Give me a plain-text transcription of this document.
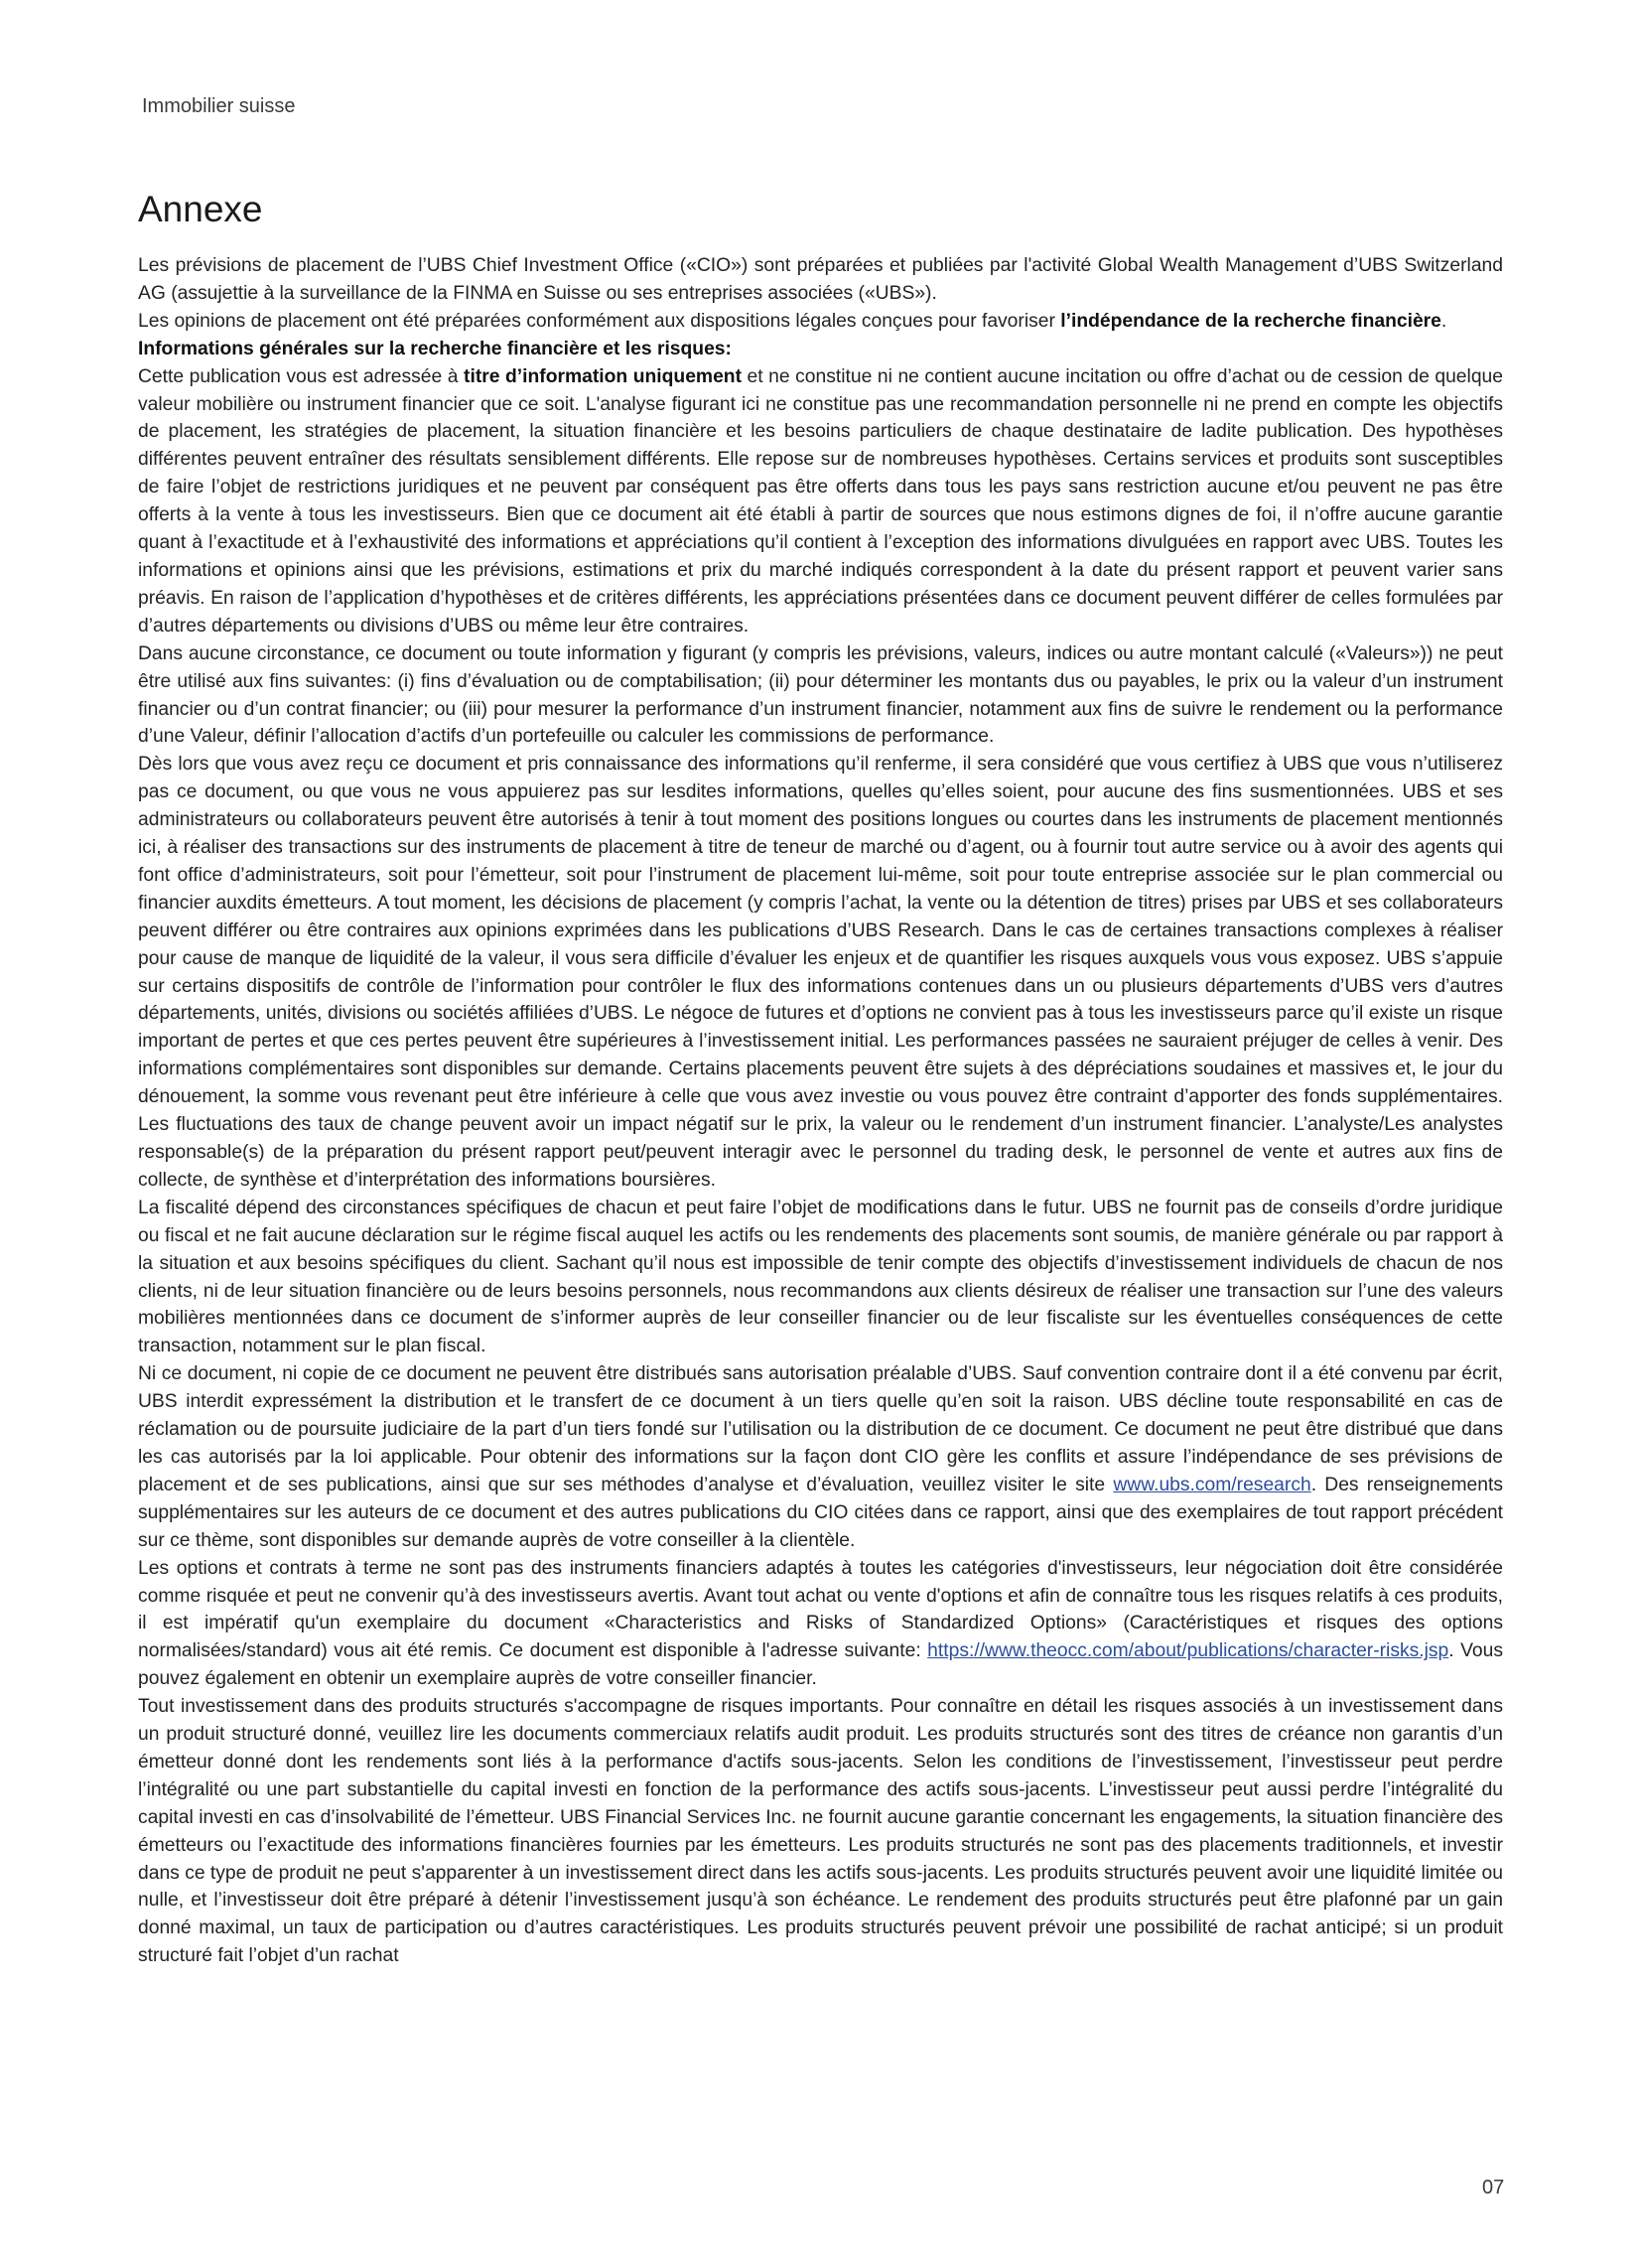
Immobilier suisse
Annexe

Les prévisions de placement de l’UBS Chief Investment Office («CIO») sont préparées et publiées par l'activité Global Wealth Management d’UBS Switzerland AG (assujettie à la surveillance de la FINMA en Suisse ou ses entreprises associées («UBS»).

Les opinions de placement ont été préparées conformément aux dispositions légales conçues pour favoriser l’indépendance de la recherche financière.

Informations générales sur la recherche financière et les risques:

Cette publication vous est adressée à titre d’information uniquement et ne constitue ni ne contient aucune incitation ou offre d’achat ou de cession de quelque valeur mobilière ou instrument financier que ce soit. L'analyse figurant ici ne constitue pas une recommandation personnelle ni ne prend en compte les objectifs de placement, les stratégies de placement, la situation financière et les besoins particuliers de chaque destinataire de ladite publication. Des hypothèses différentes peuvent entraîner des résultats sensiblement différents. Elle repose sur de nombreuses hypothèses. Certains services et produits sont susceptibles de faire l’objet de restrictions juridiques et ne peuvent par conséquent pas être offerts dans tous les pays sans restriction aucune et/ou peuvent ne pas être offerts à la vente à tous les investisseurs. Bien que ce document ait été établi à partir de sources que nous estimons dignes de foi, il n’offre aucune garantie quant à l’exactitude et à l’exhaustivité des informations et appréciations qu’il contient à l’exception des informations divulguées en rapport avec UBS. Toutes les informations et opinions ainsi que les prévisions, estimations et prix du marché indiqués correspondent à la date du présent rapport et peuvent varier sans préavis. En raison de l’application d’hypothèses et de critères différents, les appréciations présentées dans ce document peuvent différer de celles formulées par d’autres départements ou divisions d’UBS ou même leur être contraires.

Dans aucune circonstance, ce document ou toute information y figurant (y compris les prévisions, valeurs, indices ou autre montant calculé («Valeurs»)) ne peut être utilisé aux fins suivantes: (i) fins d’évaluation ou de comptabilisation; (ii) pour déterminer les montants dus ou payables, le prix ou la valeur d’un instrument financier ou d’un contrat financier; ou (iii) pour mesurer la performance d’un instrument financier, notamment aux fins de suivre le rendement ou la performance d’une Valeur, définir l’allocation d’actifs d’un portefeuille ou calculer les commissions de performance.

Dès lors que vous avez reçu ce document et pris connaissance des informations qu’il renferme, il sera considéré que vous certifiez à UBS que vous n’utiliserez pas ce document, ou que vous ne vous appuierez pas sur lesdites informations, quelles qu’elles soient, pour aucune des fins susmentionnées. UBS et ses administrateurs ou collaborateurs peuvent être autorisés à tenir à tout moment des positions longues ou courtes dans les instruments de placement mentionnés ici, à réaliser des transactions sur des instruments de placement à titre de teneur de marché ou d’agent, ou à fournir tout autre service ou à avoir des agents qui font office d’administrateurs, soit pour l’émetteur, soit pour l’instrument de placement lui-même, soit pour toute entreprise associée sur le plan commercial ou financier auxdits émetteurs. A tout moment, les décisions de placement (y compris l’achat, la vente ou la détention de titres) prises par UBS et ses collaborateurs peuvent différer ou être contraires aux opinions exprimées dans les publications d’UBS Research. Dans le cas de certaines transactions complexes à réaliser pour cause de manque de liquidité de la valeur, il vous sera difficile d’évaluer les enjeux et de quantifier les risques auxquels vous vous exposez. UBS s’appuie sur certains dispositifs de contrôle de l’information pour contrôler le flux des informations contenues dans un ou plusieurs départements d’UBS vers d’autres départements, unités, divisions ou sociétés affiliées d’UBS. Le négoce de futures et d’options ne convient pas à tous les investisseurs parce qu’il existe un risque important de pertes et que ces pertes peuvent être supérieures à l’investissement initial. Les performances passées ne sauraient préjuger de celles à venir. Des informations complémentaires sont disponibles sur demande. Certains placements peuvent être sujets à des dépréciations soudaines et massives et, le jour du dénouement, la somme vous revenant peut être inférieure à celle que vous avez investie ou vous pouvez être contraint d’apporter des fonds supplémentaires. Les fluctuations des taux de change peuvent avoir un impact négatif sur le prix, la valeur ou le rendement d’un instrument financier. L’analyste/Les analystes responsable(s) de la préparation du présent rapport peut/peuvent interagir avec le personnel du trading desk, le personnel de vente et autres aux fins de collecte, de synthèse et d’interprétation des informations boursières.

La fiscalité dépend des circonstances spécifiques de chacun et peut faire l’objet de modifications dans le futur. UBS ne fournit pas de conseils d’ordre juridique ou fiscal et ne fait aucune déclaration sur le régime fiscal auquel les actifs ou les rendements des placements sont soumis, de manière générale ou par rapport à la situation et aux besoins spécifiques du client. Sachant qu’il nous est impossible de tenir compte des objectifs d’investissement individuels de chacun de nos clients, ni de leur situation financière ou de leurs besoins personnels, nous recommandons aux clients désireux de réaliser une transaction sur l’une des valeurs mobilières mentionnées dans ce document de s’informer auprès de leur conseiller financier ou de leur fiscaliste sur les éventuelles conséquences de cette transaction, notamment sur le plan fiscal.

Ni ce document, ni copie de ce document ne peuvent être distribués sans autorisation préalable d’UBS. Sauf convention contraire dont il a été convenu par écrit, UBS interdit expressément la distribution et le transfert de ce document à un tiers quelle qu’en soit la raison. UBS décline toute responsabilité en cas de réclamation ou de poursuite judiciaire de la part d’un tiers fondé sur l’utilisation ou la distribution de ce document. Ce document ne peut être distribué que dans les cas autorisés par la loi applicable. Pour obtenir des informations sur la façon dont CIO gère les conflits et assure l’indépendance de ses prévisions de placement et de ses publications, ainsi que sur ses méthodes d’analyse et d’évaluation, veuillez visiter le site www.ubs.com/research. Des renseignements supplémentaires sur les auteurs de ce document et des autres publications du CIO citées dans ce rapport, ainsi que des exemplaires de tout rapport précédent sur ce thème, sont disponibles sur demande auprès de votre conseiller à la clientèle.

Les options et contrats à terme ne sont pas des instruments financiers adaptés à toutes les catégories d'investisseurs, leur négociation doit être considérée comme risquée et peut ne convenir qu’à des investisseurs avertis. Avant tout achat ou vente d'options et afin de connaître tous les risques relatifs à ces produits, il est impératif qu'un exemplaire du document «Characteristics and Risks of Standardized Options» (Caractéristiques et risques des options normalisées/standard) vous ait été remis. Ce document est disponible à l'adresse suivante: https://www.theocc.com/about/publications/character-risks.jsp. Vous pouvez également en obtenir un exemplaire auprès de votre conseiller financier.

Tout investissement dans des produits structurés s'accompagne de risques importants. Pour connaître en détail les risques associés à un investissement dans un produit structuré donné, veuillez lire les documents commerciaux relatifs audit produit. Les produits structurés sont des titres de créance non garantis d’un émetteur donné dont les rendements sont liés à la performance d'actifs sous-jacents. Selon les conditions de l’investissement, l’investisseur peut perdre l’intégralité ou une part substantielle du capital investi en fonction de la performance des actifs sous-jacents. L’investisseur peut aussi perdre l’intégralité du capital investi en cas d’insolvabilité de l’émetteur. UBS Financial Services Inc. ne fournit aucune garantie concernant les engagements, la situation financière des émetteurs ou l’exactitude des informations financières fournies par les émetteurs. Les produits structurés ne sont pas des placements traditionnels, et investir dans ce type de produit ne peut s'apparenter à un investissement direct dans les actifs sous-jacents. Les produits structurés peuvent avoir une liquidité limitée ou nulle, et l’investisseur doit être préparé à détenir l’investissement jusqu’à son échéance. Le rendement des produits structurés peut être plafonné par un gain donné maximal, un taux de participation ou d’autres caractéristiques. Les produits structurés peuvent prévoir une possibilité de rachat anticipé; si un produit structuré fait l’objet d’un rachat

07
